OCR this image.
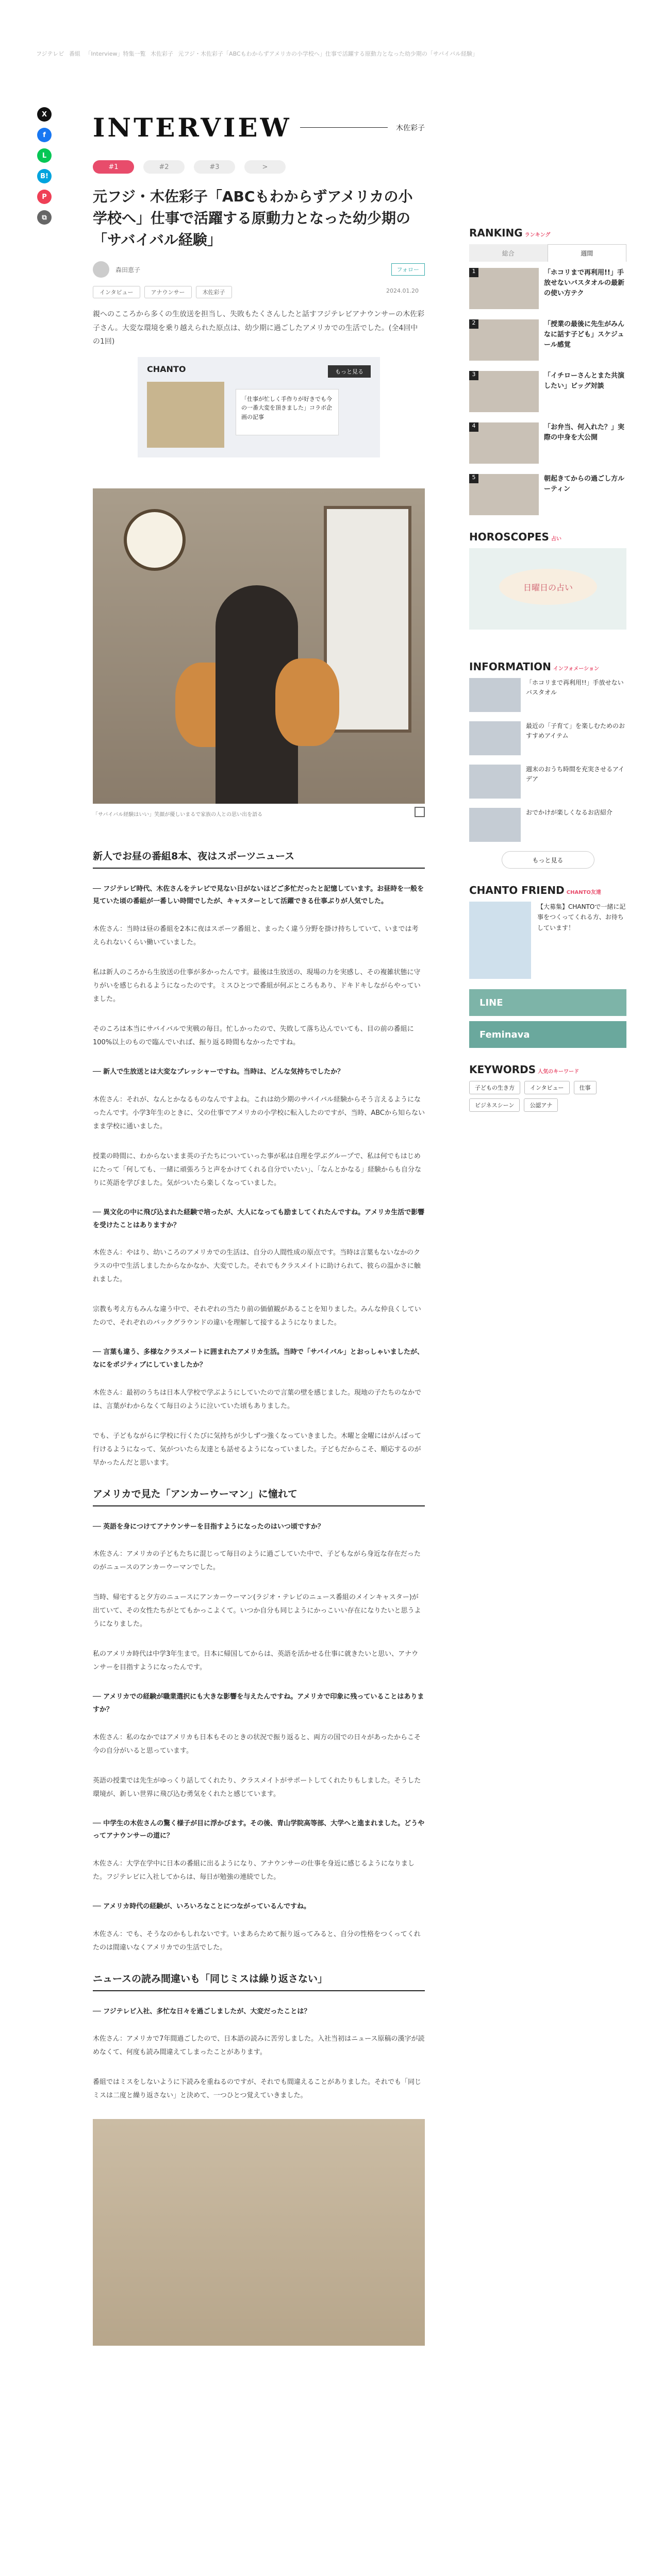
フジテレビ 番組 「Interview」特集一覧 木佐彩子 元フジ・木佐彩子「ABCもわからずアメリカの小学校へ」仕事で活躍する原動力となった幼少期の「サバイバル経験」
X
f
L
B!
P
⧉
INTERVIEW	木佐彩子
#1	#2	#3	>
元フジ・木佐彩子「ABCもわからずアメリカの小学校へ」仕事で活躍する原動力となった幼少期の「サバイバル経験」
森田恵子	フォロー
インタビュー	アナウンサー	木佐彩子	2024.01.20

親へのこころから多くの生放送を担当し、失敗もたくさんしたと話すフジテレビアナウンサーの木佐彩子さん。大変な環境を乗り越えられた原点は、幼少期に過ごしたアメリカでの生活でした。(全4回中の1回)

CHANTO	もっと見る
「仕事が忙しく手作りが好きでも今の一番大変を頂きました」コラボ企画の記事
「サバイバル経験はいい」笑顔が優しいまるで家族の人との思い出を語る
新人でお昼の番組8本、夜はスポーツニュース

── フジテレビ時代、木佐さんをテレビで見ない日がないほどご多忙だったと記憶しています。お昼時を一般を見ていた頃の番組が一番しい時間でしたが、キャスターとして活躍できる仕事ぶりが人気でした。

木佐さん：当時は昼の番組を2本に夜はスポーツ番組と、まったく違う分野を掛け持ちしていて、いまでは考えられないくらい働いていました。

私は新人のころから生放送の仕事が多かったんです。最後は生放送の、現場の力を実感し、その複雑状態に守りがいを感じられるようになったのです。ミスひとつで番組が何ぶところもあり、ドキドキしながらやっていました。

そのころは本当にサバイバルで実戦の毎日。忙しかったので、失敗して落ち込んでいても、目の前の番組に100%以上のもので臨んでいれば、振り返る時間もなかったですね。

── 新人で生放送とは大変なプレッシャーですね。当時は、どんな気持ちでしたか？

木佐さん：それが、なんとかなるものなんですよね。これは幼少期のサバイバル経験からそう言えるようになったんです。小学3年生のときに、父の仕事でアメリカの小学校に転入したのですが、当時、ABCから知らないまま学校に通いました。

授業の時間に、わからないまま英の子たちについていった事が私は自理を学ぶグループで、私は何でもはじめにたって「何しても、一緒に頑張ろうと声をかけてくれる自分でいたい」、「なんとかなる」経験からも自分なりに英語を学びました。気がついたら楽しくなっていました。

── 異文化の中に飛び込まれた経験で培ったが、大人になっても励ましてくれたんですね。アメリカ生活で影響を受けたことはありますか？

木佐さん：やはり、幼いころのアメリカでの生活は、自分の人間性成の原点です。当時は言葉もないなかのクラスの中で生活しましたからなかなか、大変でした。それでもクラスメイトに助けられて、彼らの温かさに触れました。

宗教も考え方もみんな違う中で、それぞれの当たり前の価値観があることを知りました。みんな仲良くしていたので、それぞれのバックグラウンドの違いを理解して接するようになりました。

── 言葉も違う、多様なクラスメートに囲まれたアメリカ生活。当時で「サバイバル」とおっしゃいましたが、なにをポジティブにしていましたか？

木佐さん：最初のうちは日本人学校で学ぶようにしていたので言葉の壁を感じました。現地の子たちのなかでは、言葉がわからなくて毎日のように泣いていた頃もありました。

でも、子どもながらに学校に行くたびに気持ちが少しずつ強くなっていきました。木曜と金曜にはがんばって行けるようになって、気がついたら友達とも話せるようになっていました。子どもだからこそ、順応するのが早かったんだと思います。

アメリカで見た「アンカーウーマン」に憧れて

── 英語を身につけてアナウンサーを目指すようになったのはいつ頃ですか？

木佐さん：アメリカの子どもたちに混じって毎日のように過ごしていた中で、子どもながら身近な存在だったのがニュースのアンカーウーマンでした。

当時、帰宅すると夕方のニュースにアンカーウーマン(ラジオ・テレビのニュース番組のメインキャスター)が出ていて、その女性たちがとてもかっこよくて。いつか自分も同じようにかっこいい存在になりたいと思うようになりました。

私のアメリカ時代は中学3年生まで。日本に帰国してからは、英語を活かせる仕事に就きたいと思い、アナウンサーを目指すようになったんです。

── アメリカでの経験が職業選択にも大きな影響を与えたんですね。アメリカで印象に残っていることはありますか？

木佐さん：私のなかではアメリカも日本もそのときの状況で振り返ると、両方の国での日々があったからこそ今の自分がいると思っています。

英語の授業では先生がゆっくり話してくれたり、クラスメイトがサポートしてくれたりもしました。そうした環境が、新しい世界に飛び込む勇気をくれたと感じています。

── 中学生の木佐さんの驚く様子が目に浮かびます。その後、青山学院高等部、大学へと進まれました。どうやってアナウンサーの道に？

木佐さん：大学在学中に日本の番組に出るようになり、アナウンサーの仕事を身近に感じるようになりました。フジテレビに入社してからは、毎日が勉強の連続でした。

── アメリカ時代の経験が、いろいろなことにつながっているんですね。

木佐さん：でも、そうなのかもしれないです。いまあらためて振り返ってみると、自分の性格をつくってくれたのは間違いなくアメリカでの生活でした。

ニュースの読み間違いも「同じミスは繰り返さない」

── フジテレビ入社、多忙な日々を過ごしましたが、大変だったことは？

木佐さん：アメリカで7年間過ごしたので、日本語の読みに苦労しました。入社当初はニュース原稿の漢字が読めなくて、何度も読み間違えてしまったことがあります。

番組ではミスをしないように下読みを重ねるのですが、それでも間違えることがありました。それでも「同じミスは二度と繰り返さない」と決めて、一つひとつ覚えていきました。

RANKING ランキング
総合	週間
1	「ホコリまで再利用!!」手放せないバスタオルの最新の使い方テク
2	「授業の最後に先生がみんなに話す子ども」スケジュール感覚
3	「イチローさんとまた共演したい」ビッグ対談
4	「お弁当、何入れた？」実際の中身を大公開
5	朝起きてからの過ごし方ルーティン
HOROSCOPES 占い
日曜日の占い
INFORMATION インフォメーション
「ホコリまで再利用!!」手放せないバスタオル
最近の「子育て」を楽しむためのおすすめアイテム
週末のおうち時間を充実させるアイデア
おでかけが楽しくなるお店紹介
もっと見る
CHANTO FRIEND CHANTO友達
【大募集】CHANTOで一緒に記事をつくってくれる方、お待ちしています！
LINE
Feminava
KEYWORDS 人気のキーワード
子どもの生き方	インタビュー	仕事
ビジネスシーン	公認アナ
